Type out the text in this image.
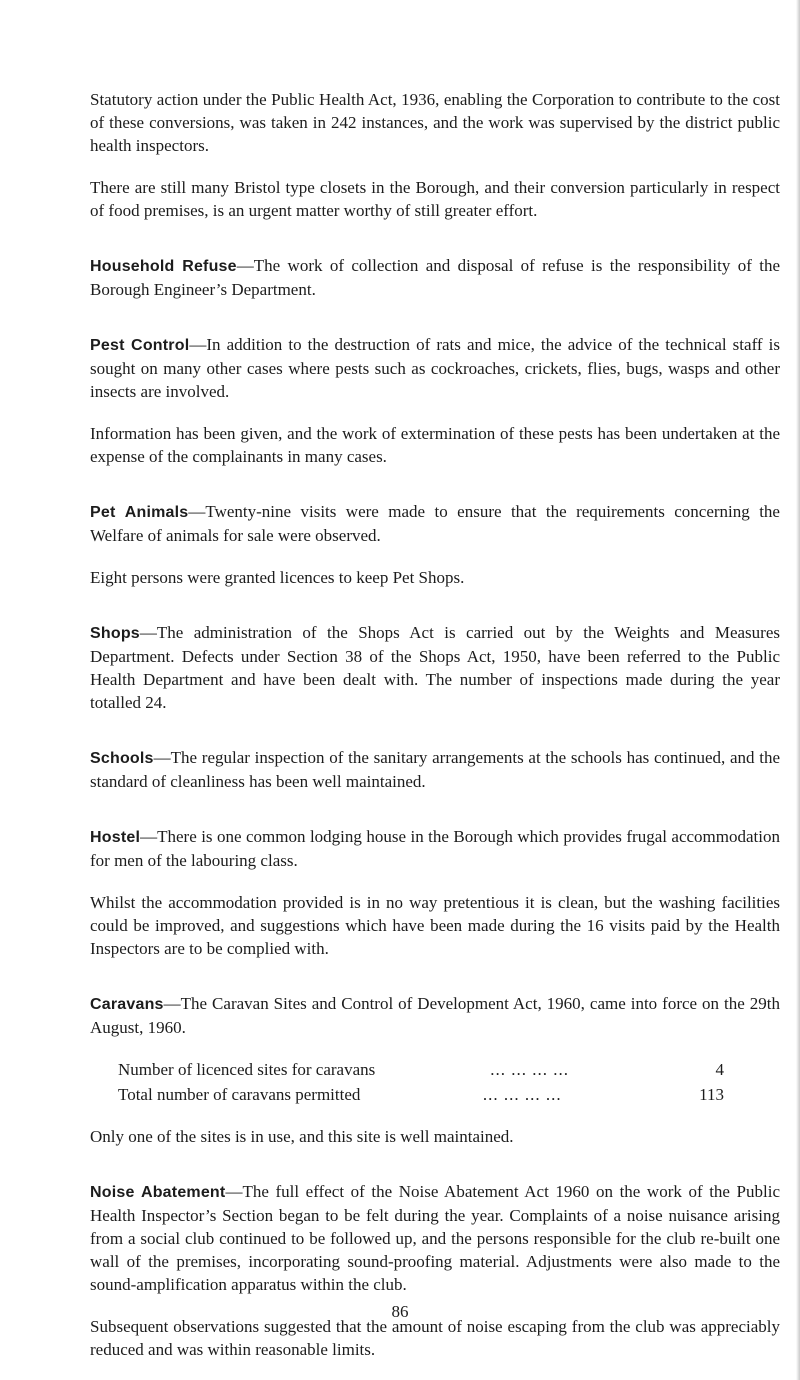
Statutory action under the Public Health Act, 1936, enabling the Corporation to contribute to the cost of these conversions, was taken in 242 instances, and the work was supervised by the district public health inspectors.

There are still many Bristol type closets in the Borough, and their conversion particularly in respect of food premises, is an urgent matter worthy of still greater effort.

Household Refuse—The work of collection and disposal of refuse is the responsibility of the Borough Engineer’s Department.

Pest Control—In addition to the destruction of rats and mice, the advice of the technical staff is sought on many other cases where pests such as cockroaches, crickets, flies, bugs, wasps and other insects are involved.

Information has been given, and the work of extermination of these pests has been undertaken at the expense of the complainants in many cases.

Pet Animals—Twenty-nine visits were made to ensure that the requirements concerning the Welfare of animals for sale were observed.

Eight persons were granted licences to keep Pet Shops.

Shops—The administration of the Shops Act is carried out by the Weights and Measures Department. Defects under Section 38 of the Shops Act, 1950, have been referred to the Public Health Department and have been dealt with. The number of inspections made during the year totalled 24.

Schools—The regular inspection of the sanitary arrangements at the schools has continued, and the standard of cleanliness has been well maintained.

Hostel—There is one common lodging house in the Borough which provides frugal accommodation for men of the labouring class.

Whilst the accommodation provided is in no way pretentious it is clean, but the washing facilities could be improved, and suggestions which have been made during the 16 visits paid by the Health Inspectors are to be complied with.

Caravans—The Caravan Sites and Control of Development Act, 1960, came into force on the 29th August, 1960.

Number of licenced sites for caravans	... ... ... ...	4
Total number of caravans permitted	... ... ... ...	113

Only one of the sites is in use, and this site is well maintained.

Noise Abatement—The full effect of the Noise Abatement Act 1960 on the work of the Public Health Inspector’s Section began to be felt during the year. Complaints of a noise nuisance arising from a social club continued to be followed up, and the persons responsible for the club re-built one wall of the premises, incorporating sound-proofing material. Adjustments were also made to the sound-amplification apparatus within the club.

Subsequent observations suggested that the amount of noise escaping from the club was appreciably reduced and was within reasonable limits.

86
